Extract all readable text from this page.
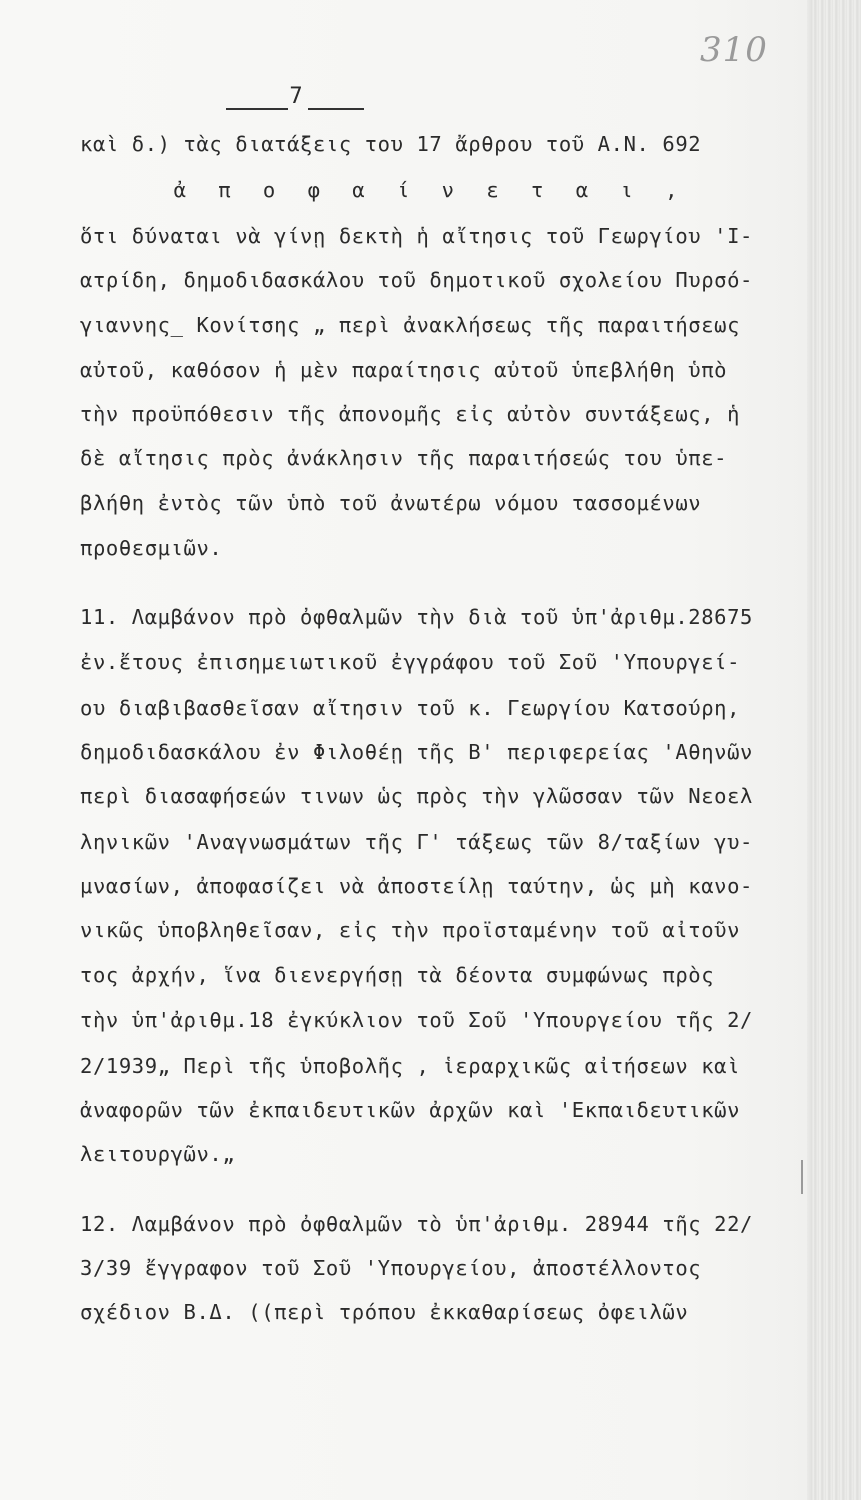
310
7
καὶ δ.) τὰς διατάξεις του 17 ἄρθρου τοῦ Α.Ν. 692
ἀ π ο φ α ί ν ε τ α ι ,
ὅτι δύναται νὰ γίνῃ δεκτὴ ἡ αἴτησις τοῦ Γεωργίου 'Ι-
ατρίδη, δημοδιδασκάλου τοῦ δημοτικοῦ σχολείου Πυρσό-
γιαννης_ Κονίτσης „ περὶ ἀνακλήσεως τῆς παραιτήσεως
αὐτοῦ, καθόσον ἡ μὲν παραίτησις αὐτοῦ ὑπεβλήθη ὑπὸ
τὴν προϋπόθεσιν τῆς ἀπονομῆς εἰς αὐτὸν συντάξεως, ἡ
δὲ αἴτησις πρὸς ἀνάκλησιν τῆς παραιτήσεώς του ὑπε-
βλήθη ἐντὸς τῶν ὑπὸ τοῦ ἀνωτέρω νόμου τασσομένων
προθεσμιῶν.
11. Λαμβάνον πρὸ ὀφθαλμῶν τὴν διὰ τοῦ ὑπ'ἀριθμ.28675
ἐν.ἔτους ἐπισημειωτικοῦ ἐγγράφου τοῦ Σοῦ 'Υπουργεί-
ου διαβιβασθεῖσαν αἴτησιν τοῦ κ. Γεωργίου Κατσούρη,
δημοδιδασκάλου ἐν Φιλοθέῃ τῆς Β' περιφερείας 'Αθηνῶν
περὶ διασαφήσεών τινων ὡς πρὸς τὴν γλῶσσαν τῶν Νεοελ
ληνικῶν 'Αναγνωσμάτων τῆς Γ' τάξεως τῶν 8/ταξίων γυ-
μνασίων, ἀποφασίζει νὰ ἀποστείλῃ ταύτην, ὡς μὴ κανο-
νικῶς ὑποβληθεῖσαν, εἰς τὴν προϊσταμένην τοῦ αἰτοῦν
τος ἀρχήν, ἵνα διενεργήσῃ τὰ δέοντα συμφώνως πρὸς
τὴν ὑπ'ἀριθμ.18 ἐγκύκλιον τοῦ Σοῦ 'Υπουργείου τῆς 2/
2/1939„ Περὶ τῆς ὑποβολῆς , ἱεραρχικῶς αἰτήσεων καὶ
ἀναφορῶν τῶν ἐκπαιδευτικῶν ἀρχῶν καὶ 'Εκπαιδευτικῶν
λειτουργῶν.„
12. Λαμβάνον πρὸ ὀφθαλμῶν τὸ ὑπ'ἀριθμ. 28944 τῆς 22/
3/39 ἔγγραφον τοῦ Σοῦ 'Υπουργείου, ἀποστέλλοντος
σχέδιον Β.Δ. ((περὶ τρόπου ἐκκαθαρίσεως ὀφειλῶν
